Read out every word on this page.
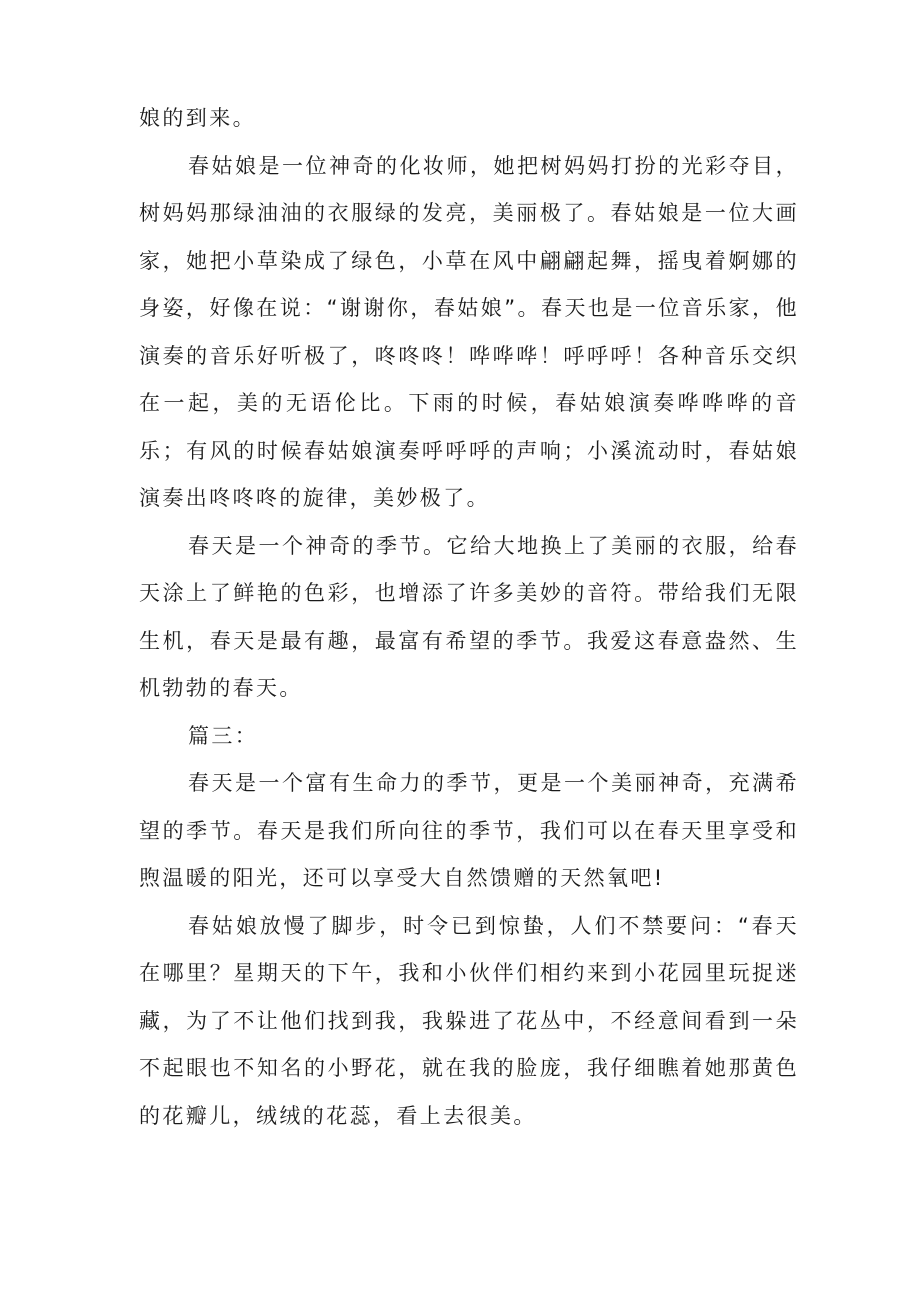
娘的到来。

春姑娘是一位神奇的化妆师，她把树妈妈打扮的光彩夺目，树妈妈那绿油油的衣服绿的发亮，美丽极了。春姑娘是一位大画家，她把小草染成了绿色，小草在风中翩翩起舞，摇曳着婀娜的身姿，好像在说：“谢谢你，春姑娘”。春天也是一位音乐家，他演奏的音乐好听极了，咚咚咚！哗哗哗！呼呼呼！各种音乐交织在一起，美的无语伦比。下雨的时候，春姑娘演奏哗哗哗的音乐；有风的时候春姑娘演奏呼呼呼的声响；小溪流动时，春姑娘演奏出咚咚咚的旋律，美妙极了。

春天是一个神奇的季节。它给大地换上了美丽的衣服，给春天涂上了鲜艳的色彩，也增添了许多美妙的音符。带给我们无限生机，春天是最有趣，最富有希望的季节。我爱这春意盎然、生机勃勃的春天。

篇三：

春天是一个富有生命力的季节，更是一个美丽神奇，充满希望的季节。春天是我们所向往的季节，我们可以在春天里享受和煦温暖的阳光，还可以享受大自然馈赠的天然氧吧!

春姑娘放慢了脚步，时令已到惊蛰，人们不禁要问：“春天在哪里？星期天的下午，我和小伙伴们相约来到小花园里玩捉迷藏，为了不让他们找到我，我躲进了花丛中，不经意间看到一朵不起眼也不知名的小野花，就在我的脸庞，我仔细瞧着她那黄色的花瓣儿，绒绒的花蕊，看上去很美。
